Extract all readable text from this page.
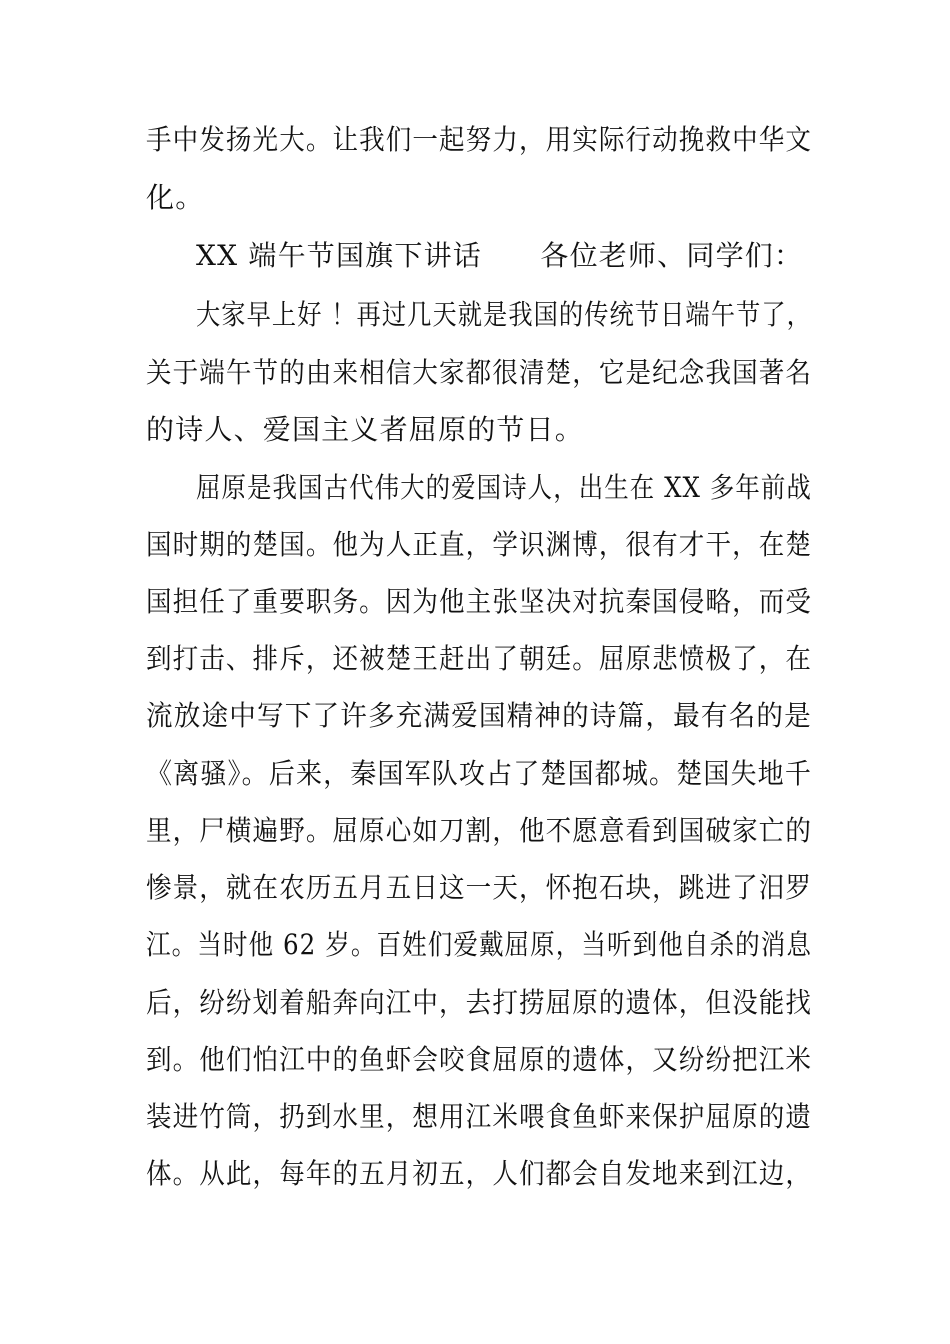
手中发扬光大。让我们一起努力，用实际行动挽救中华文
化。
XX 端午节国旗下讲话　　各位老师、同学们：
大家早上好 ！再过几天就是我国的传统节日端午节了，
关于端午节的由来相信大家都很清楚，它是纪念我国著名
的诗人、爱国主义者屈原的节日。
屈原是我国古代伟大的爱国诗人，出生在 XX 多年前战
国时期的楚国。他为人正直，学识渊博，很有才干，在楚
国担任了重要职务。因为他主张坚决对抗秦国侵略，而受
到打击、排斥，还被楚王赶出了朝廷。屈原悲愤极了，在
流放途中写下了许多充满爱国精神的诗篇，最有名的是
《离骚》。后来，秦国军队攻占了楚国都城。楚国失地千
里，尸横遍野。屈原心如刀割，他不愿意看到国破家亡的
惨景，就在农历五月五日这一天，怀抱石块，跳进了汨罗
江。当时他 62 岁。百姓们爱戴屈原，当听到他自杀的消息
后，纷纷划着船奔向江中，去打捞屈原的遗体，但没能找
到。他们怕江中的鱼虾会咬食屈原的遗体，又纷纷把江米
装进竹筒，扔到水里，想用江米喂食鱼虾来保护屈原的遗
体。从此，每年的五月初五，人们都会自发地来到江边，
